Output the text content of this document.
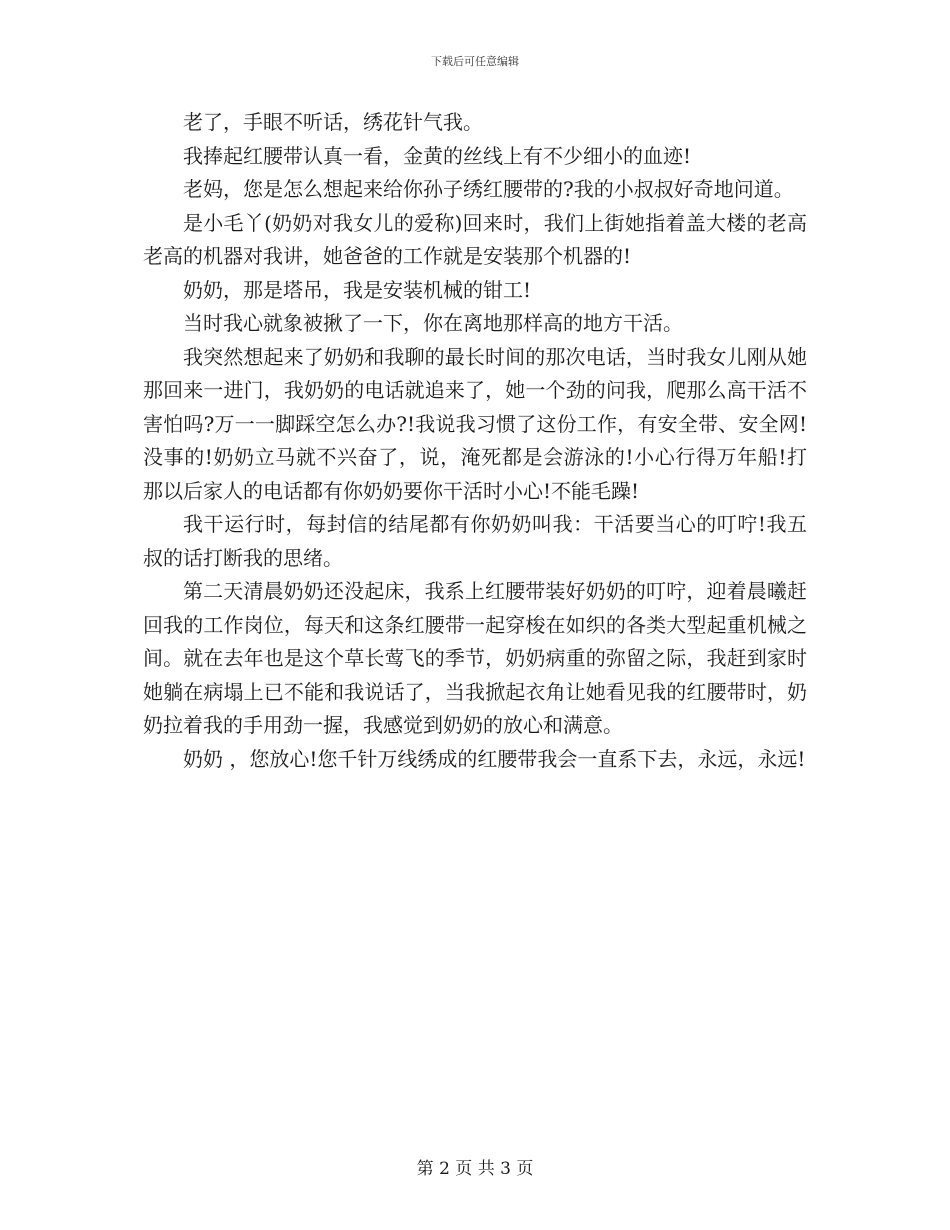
下载后可任意编辑

老了，手眼不听话，绣花针气我。

我捧起红腰带认真一看，金黄的丝线上有不少细小的血迹!

老妈，您是怎么想起来给你孙子绣红腰带的?我的小叔叔好奇地问道。

是小毛丫(奶奶对我女儿的爱称)回来时，我们上街她指着盖大楼的老高老高的机器对我讲，她爸爸的工作就是安装那个机器的!

奶奶，那是塔吊，我是安装机械的钳工!

当时我心就象被揪了一下，你在离地那样高的地方干活。

我突然想起来了奶奶和我聊的最长时间的那次电话，当时我女儿刚从她那回来一进门，我奶奶的电话就追来了，她一个劲的问我，爬那么高干活不害怕吗?万一一脚踩空怎么办?!我说我习惯了这份工作，有安全带、安全网!没事的!奶奶立马就不兴奋了，说，淹死都是会游泳的!小心行得万年船!打那以后家人的电话都有你奶奶要你干活时小心!不能毛躁!

我干运行时，每封信的结尾都有你奶奶叫我：干活要当心的叮咛!我五叔的话打断我的思绪。

第二天清晨奶奶还没起床，我系上红腰带装好奶奶的叮咛，迎着晨曦赶回我的工作岗位，每天和这条红腰带一起穿梭在如织的各类大型起重机械之间。就在去年也是这个草长莺飞的季节，奶奶病重的弥留之际，我赶到家时她躺在病塌上已不能和我说话了，当我掀起衣角让她看见我的红腰带时，奶奶拉着我的手用劲一握，我感觉到奶奶的放心和满意。

奶奶 ，您放心!您千针万线绣成的红腰带我会一直系下去，永远，永远!

第 2 页 共 3 页
